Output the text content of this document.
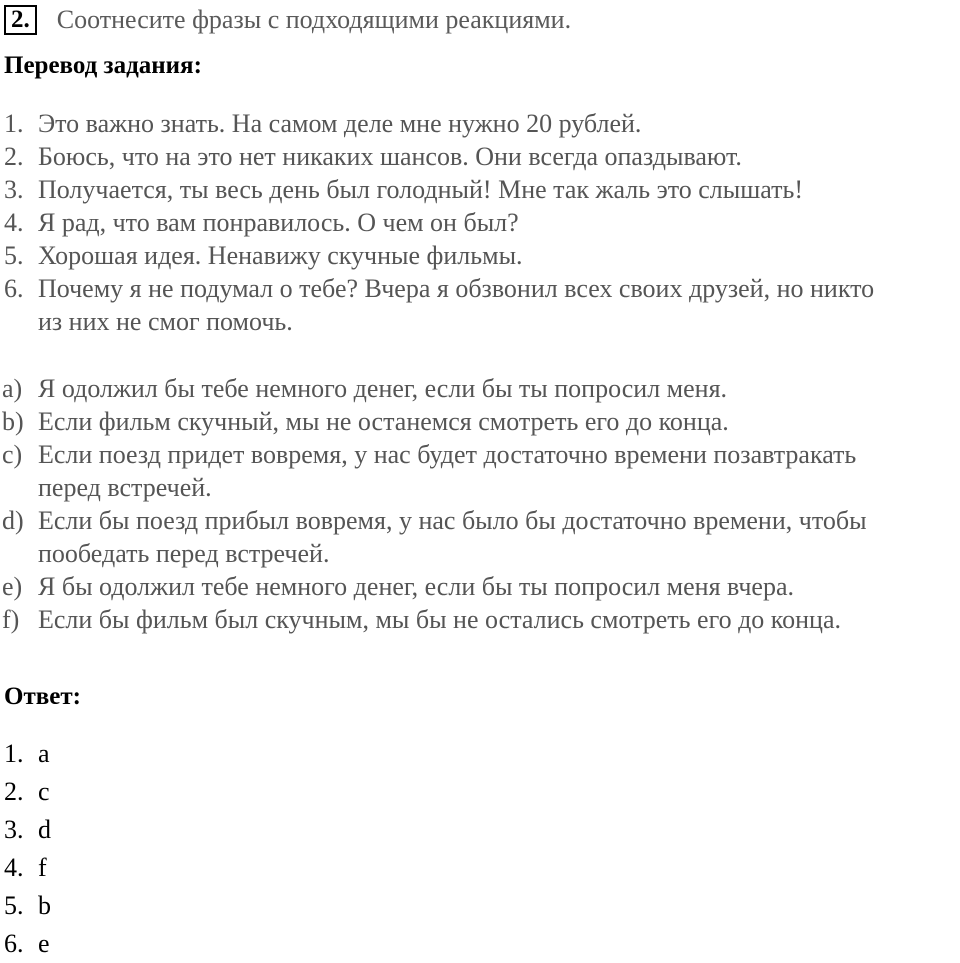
2. Соотнесите фразы с подходящими реакциями.
Перевод задания:
1. Это важно знать. На самом деле мне нужно 20 рублей.
2. Боюсь, что на это нет никаких шансов. Они всегда опаздывают.
3. Получается, ты весь день был голодный! Мне так жаль это слышать!
4. Я рад, что вам понравилось. О чем он был?
5. Хорошая идея. Ненавижу скучные фильмы.
6. Почему я не подумал о тебе? Вчера я обзвонил всех своих друзей, но никто
из них не смог помочь.
a) Я одолжил бы тебе немного денег, если бы ты попросил меня.
b) Если фильм скучный, мы не останемся смотреть его до конца.
c) Если поезд придет вовремя, у нас будет достаточно времени позавтракать
перед встречей.
d) Если бы поезд прибыл вовремя, у нас было бы достаточно времени, чтобы
пообедать перед встречей.
e) Я бы одолжил тебе немного денег, если бы ты попросил меня вчера.
f) Если бы фильм был скучным, мы бы не остались смотреть его до конца.
Ответ:
1. a
2. c
3. d
4. f
5. b
6. e
